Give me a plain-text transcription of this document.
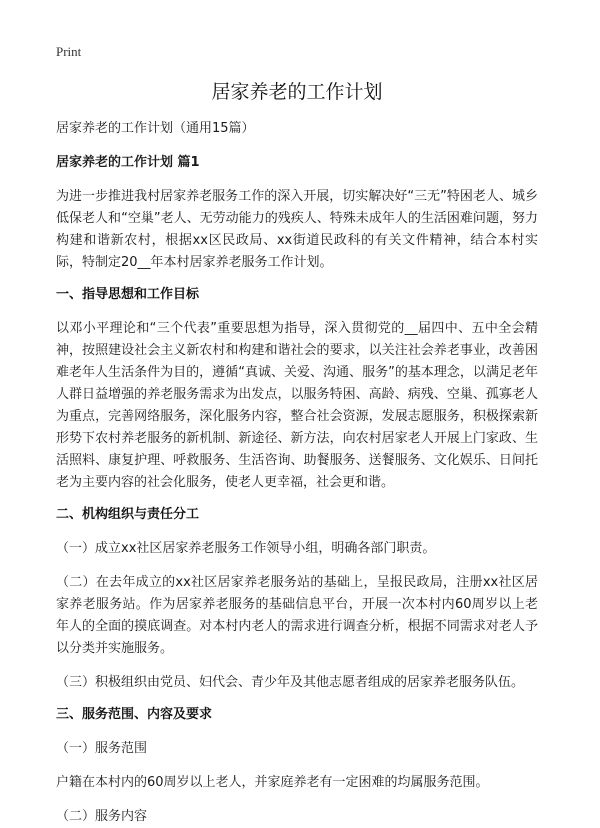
Print
居家养老的工作计划
居家养老的工作计划（通用15篇）
居家养老的工作计划 篇1

为进一步推进我村居家养老服务工作的深入开展，切实解决好“三无”特困老人、城乡低保老人和“空巢”老人、无劳动能力的残疾人、特殊未成年人的生活困难问题，努力构建和谐新农村，根据xx区民政局、xx街道民政科的有关文件精神，结合本村实际，特制定20__年本村居家养老服务工作计划。

一、指导思想和工作目标

以邓小平理论和“三个代表”重要思想为指导，深入贯彻党的__届四中、五中全会精神，按照建设社会主义新农村和构建和谐社会的要求，以关注社会养老事业，改善困难老年人生活条件为目的，遵循“真诚、关爱、沟通、服务”的基本理念，以满足老年人群日益增强的养老服务需求为出发点，以服务特困、高龄、病残、空巢、孤寡老人为重点，完善网络服务，深化服务内容，整合社会资源，发展志愿服务，积极探索新形势下农村养老服务的新机制、新途径、新方法，向农村居家老人开展上门家政、生活照料、康复护理、呼救服务、生活咨询、助餐服务、送餐服务、文化娱乐、日间托老为主要内容的社会化服务，使老人更幸福，社会更和谐。

二、机构组织与责任分工

（一）成立xx社区居家养老服务工作领导小组，明确各部门职责。

（二）在去年成立的xx社区居家养老服务站的基础上，呈报民政局，注册xx社区居家养老服务站。作为居家养老服务的基础信息平台，开展一次本村内60周岁以上老年人的全面的摸底调查。对本村内老人的需求进行调查分析，根据不同需求对老人予以分类并实施服务。

（三）积极组织由党员、妇代会、青少年及其他志愿者组成的居家养老服务队伍。

三、服务范围、内容及要求

（一）服务范围

户籍在本村内的60周岁以上老人，并家庭养老有一定困难的均属服务范围。

（二）服务内容
